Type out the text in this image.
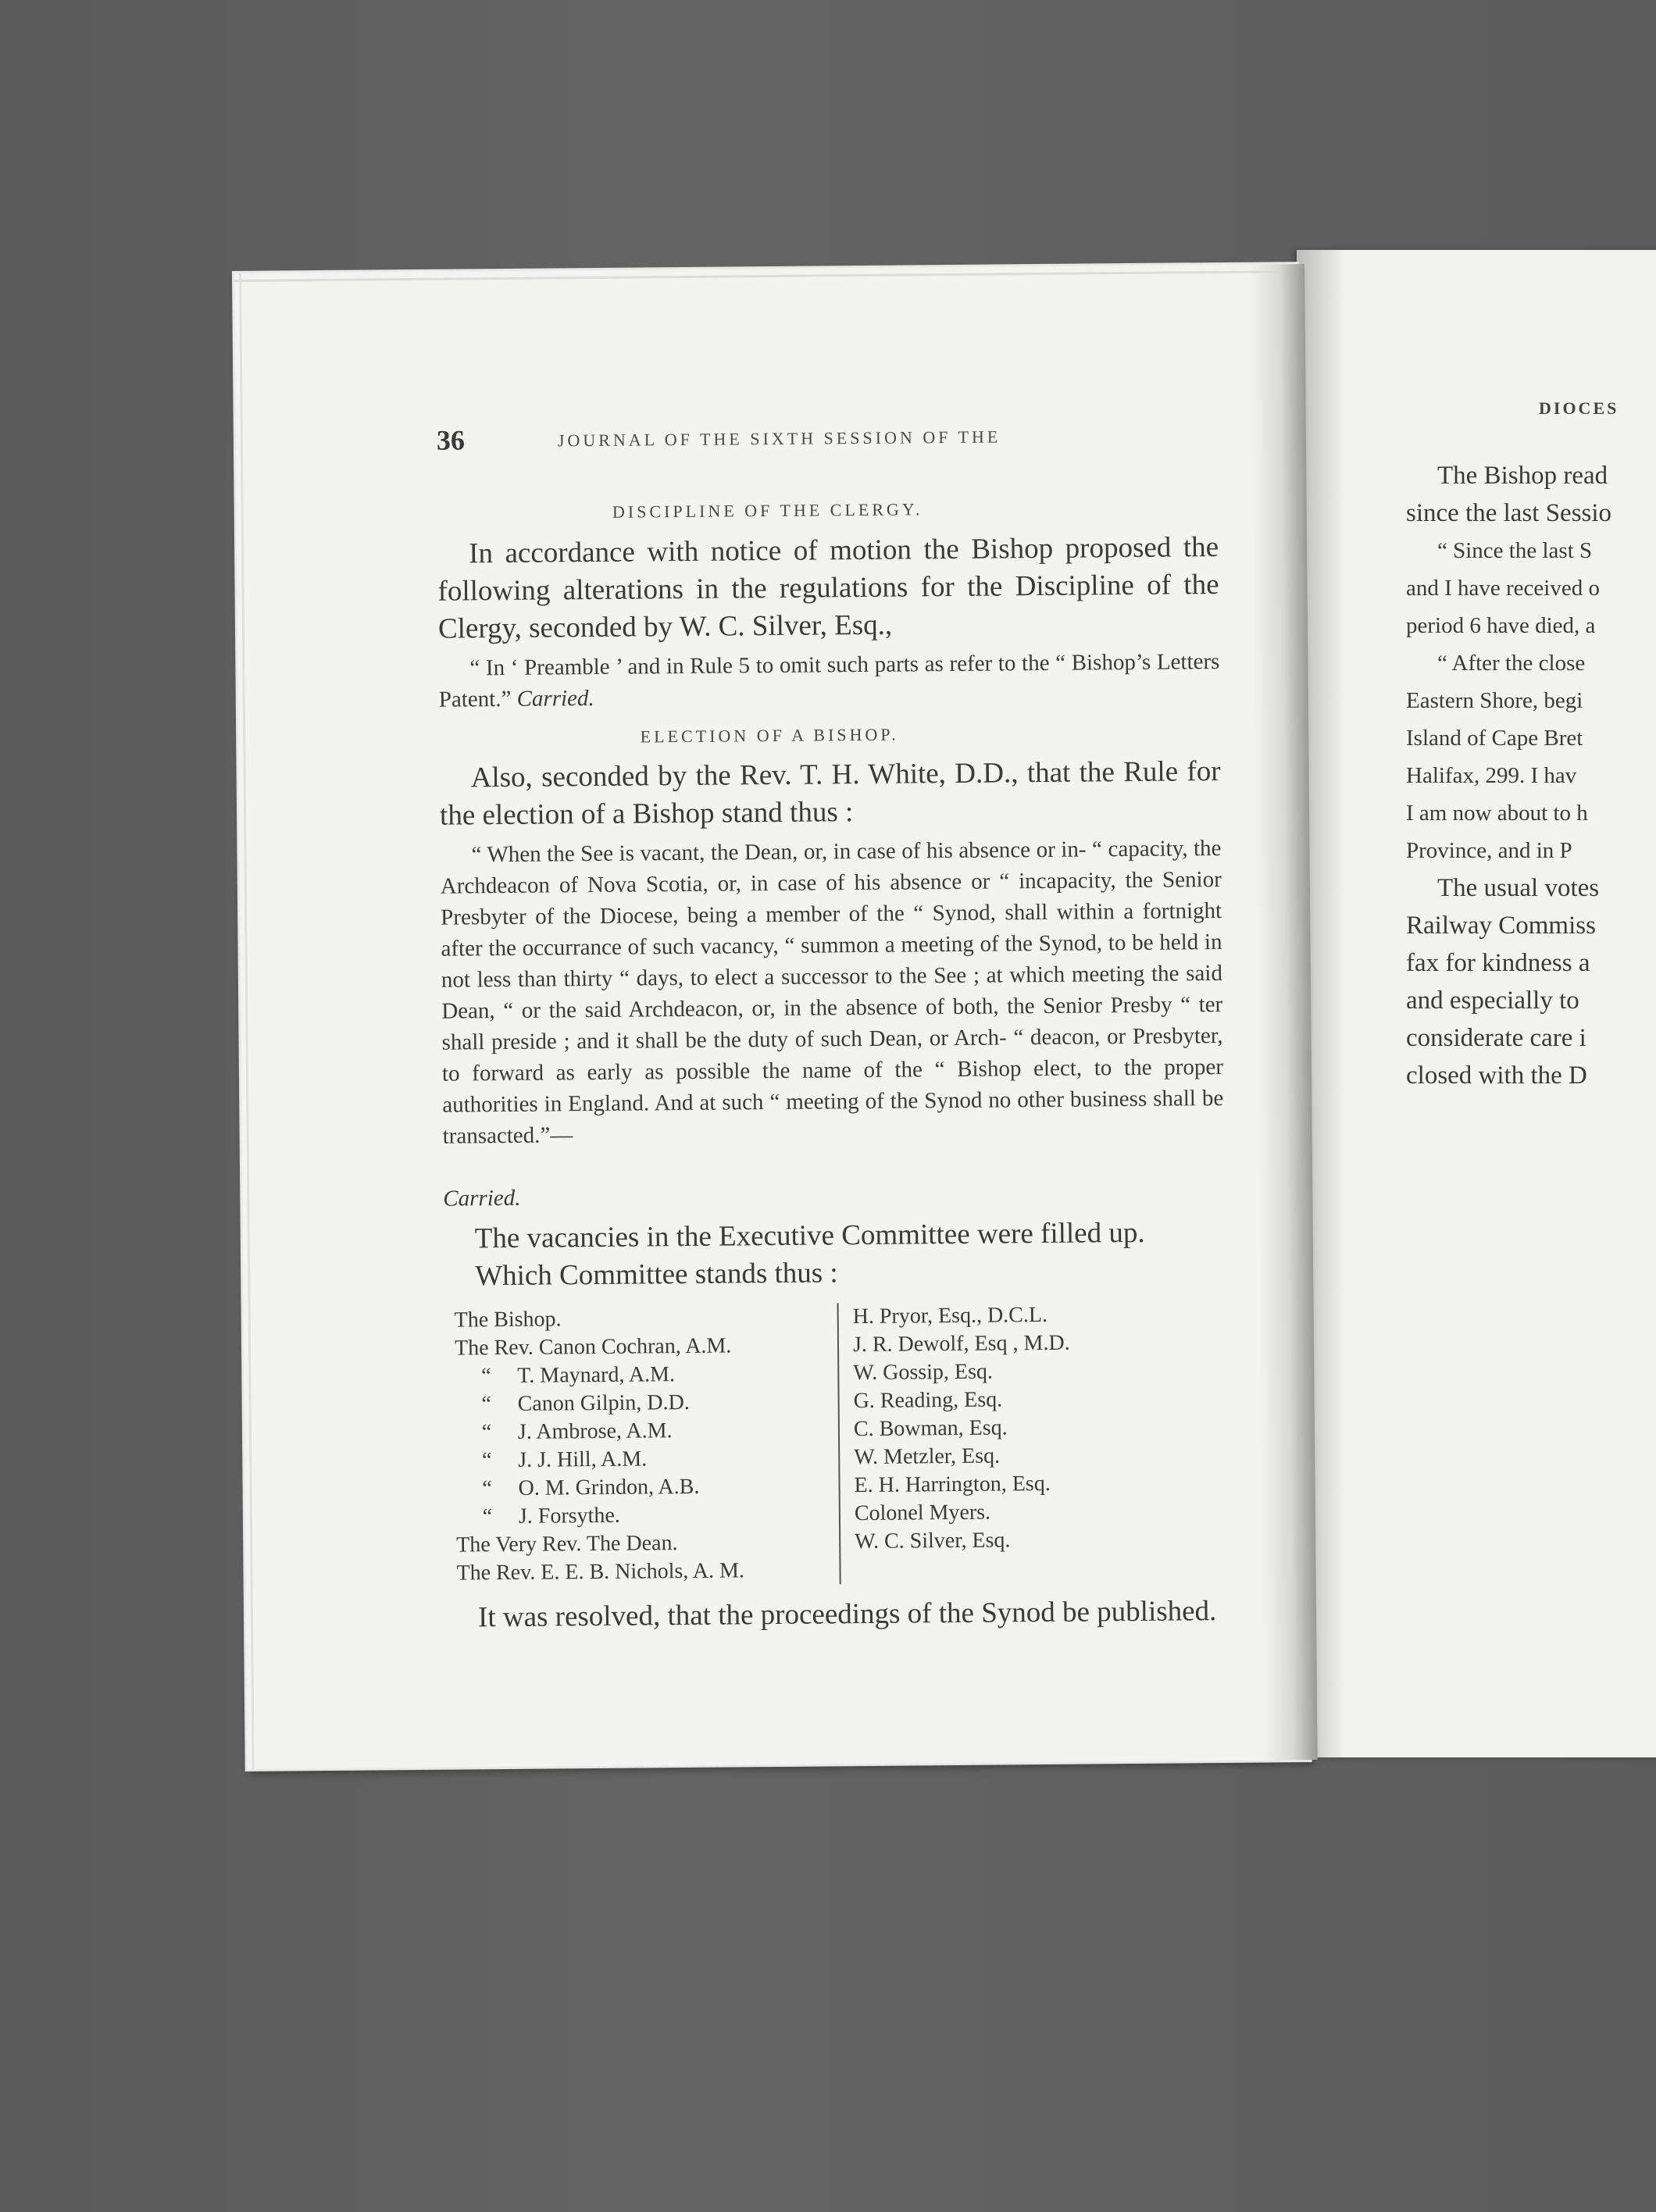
DIOCES
The Bishop read
since the last Sessio
“ Since the last S
and I have received o
period 6 have died, a
“ After the close
Eastern Shore, begi
Island of Cape Bret
Halifax, 299. I hav
I am now about to h
Province, and in P
The usual votes
Railway Commiss
fax for kindness a
and especially to
considerate care i
closed with the D
36	JOURNAL OF THE SIXTH SESSION OF THE
DISCIPLINE OF THE CLERGY.
In accordance with notice of motion the Bishop proposed the following alterations in the regulations for the Discipline of the Clergy, seconded by W. C. Silver, Esq.,
“ In ‘ Preamble ’ and in Rule 5 to omit such parts as refer to the “ Bishop’s Letters Patent.” Carried.
ELECTION OF A BISHOP.
Also, seconded by the Rev. T. H. White, D.D., that the Rule for the election of a Bishop stand thus :
“ When the See is vacant, the Dean, or, in case of his absence or in- “ capacity, the Archdeacon of Nova Scotia, or, in case of his absence or “ incapacity, the Senior Presbyter of the Diocese, being a member of the “ Synod, shall within a fortnight after the occurrance of such vacancy, “ summon a meeting of the Synod, to be held in not less than thirty “ days, to elect a successor to the See ; at which meeting the said Dean, “ or the said Archdeacon, or, in the absence of both, the Senior Presby “ ter shall preside ; and it shall be the duty of such Dean, or Arch- “ deacon, or Presbyter, to forward as early as possible the name of the “ Bishop elect, to the proper authorities in England. And at such “ meeting of the Synod no other business shall be transacted.”—
Carried.
The vacancies in the Executive Committee were filled up.
Which Committee stands thus :
The Bishop.
The Rev. Canon Cochran, A.M.
“ T. Maynard, A.M.
“ Canon Gilpin, D.D.
“ J. Ambrose, A.M.
“ J. J. Hill, A.M.
“ O. M. Grindon, A.B.
“ J. Forsythe.
The Very Rev. The Dean.
The Rev. E. E. B. Nichols, A. M.
H. Pryor, Esq., D.C.L.
J. R. Dewolf, Esq , M.D.
W. Gossip, Esq.
G. Reading, Esq.
C. Bowman, Esq.
W. Metzler, Esq.
E. H. Harrington, Esq.
Colonel Myers.
W. C. Silver, Esq.
It was resolved, that the proceedings of the Synod be published.
